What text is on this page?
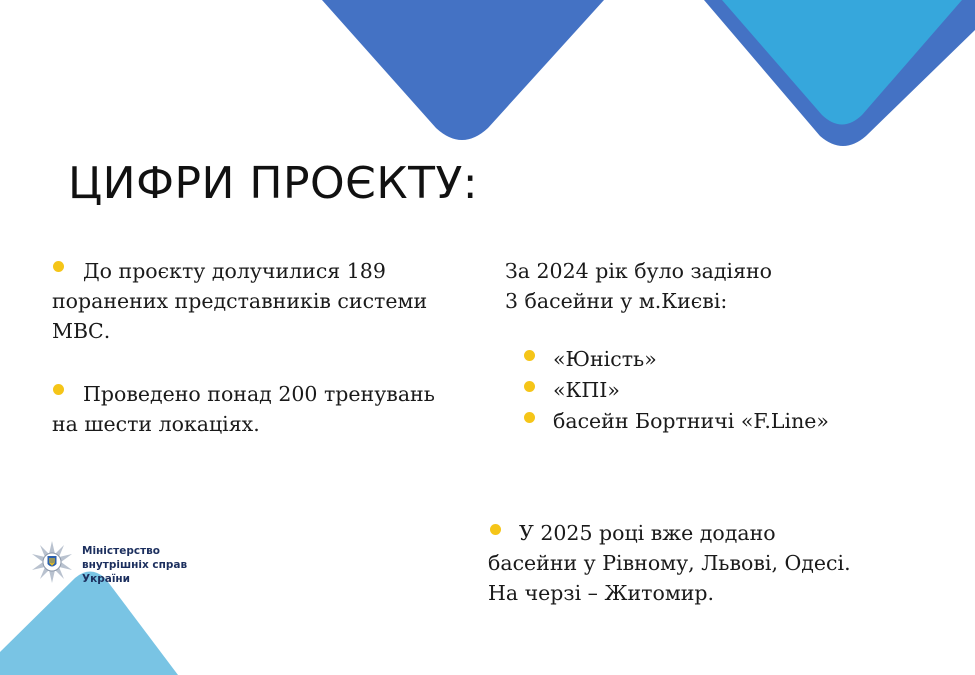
ЦИФРИ ПРОЄКТУ:
До проєкту долучилися 189
поранених представників системи
МВС.
Проведено понад 200 тренувань
на шести локаціях.
За 2024 рік було задіяно
3 басейни у м.Києві:
«Юність»
«КПІ»
басейн Бортничі «F.Line»
У 2025 році вже додано
басейни у Рівному, Львові, Одесі.
На черзі – Житомир.
Міністерство
внутрішніх справ
України
